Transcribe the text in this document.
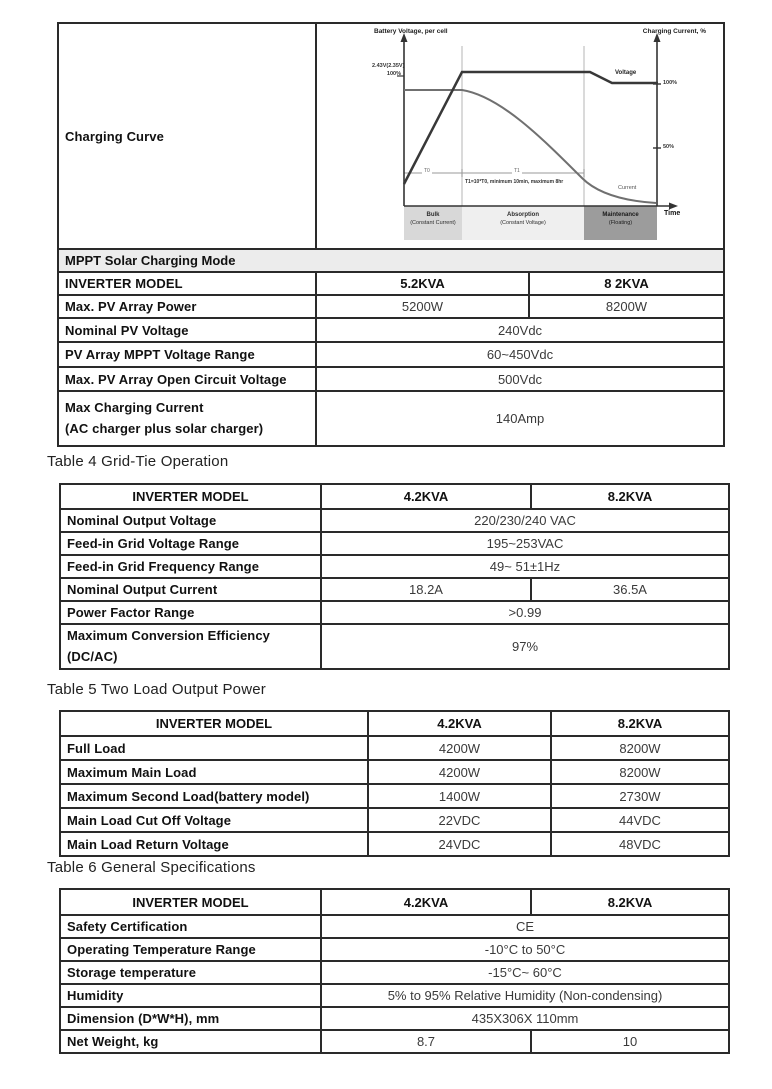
Charging Curve	
Bulk
(Constant Current)
Absorption
(Constant Voltage)
Maintenance
(Floating)
Battery Voltage, per cell	Charging Current, %
2.43V(2.35V)
100%
100%
50%
Voltage
Current
Time
T0	T1
T1=10*T0, minimum 10min, maximum 8hr

MPPT Solar Charging Mode		
INVERTER MODEL	5.2KVA	8 2KVA
Max. PV Array Power	5200W	8200W
Nominal PV Voltage	240Vdc	
PV Array MPPT Voltage Range	60~450Vdc	
Max. PV Array Open Circuit Voltage	500Vdc	

Max Charging Current
(AC charger plus solar charger)	140Amp	
Table 4 Grid-Tie Operation
INVERTER MODEL	4.2KVA	8.2KVA
Nominal Output Voltage	220/230/240 VAC	
Feed-in Grid Voltage Range	195~253VAC	
Feed-in Grid Frequency Range	49~ 51±1Hz	
Nominal Output Current	18.2A	36.5A
Power Factor Range	>0.99	

Maximum Conversion Efficiency
(DC/AC)	97%	
Table 5 Two Load Output Power
INVERTER MODEL	4.2KVA	8.2KVA
Full Load	4200W	8200W
Maximum Main Load	4200W	8200W
Maximum Second Load(battery model)	1400W	2730W
Main Load Cut Off Voltage	22VDC	44VDC
Main Load Return Voltage	24VDC	48VDC
Table 6 General Specifications
INVERTER MODEL	4.2KVA	8.2KVA
Safety Certification	CE	
Operating Temperature Range	-10°C to 50°C	
Storage temperature	-15°C~ 60°C	
Humidity	5% to 95% Relative Humidity (Non-condensing)	
Dimension (D*W*H), mm	435X306X 110mm	
Net Weight, kg	8.7	10
